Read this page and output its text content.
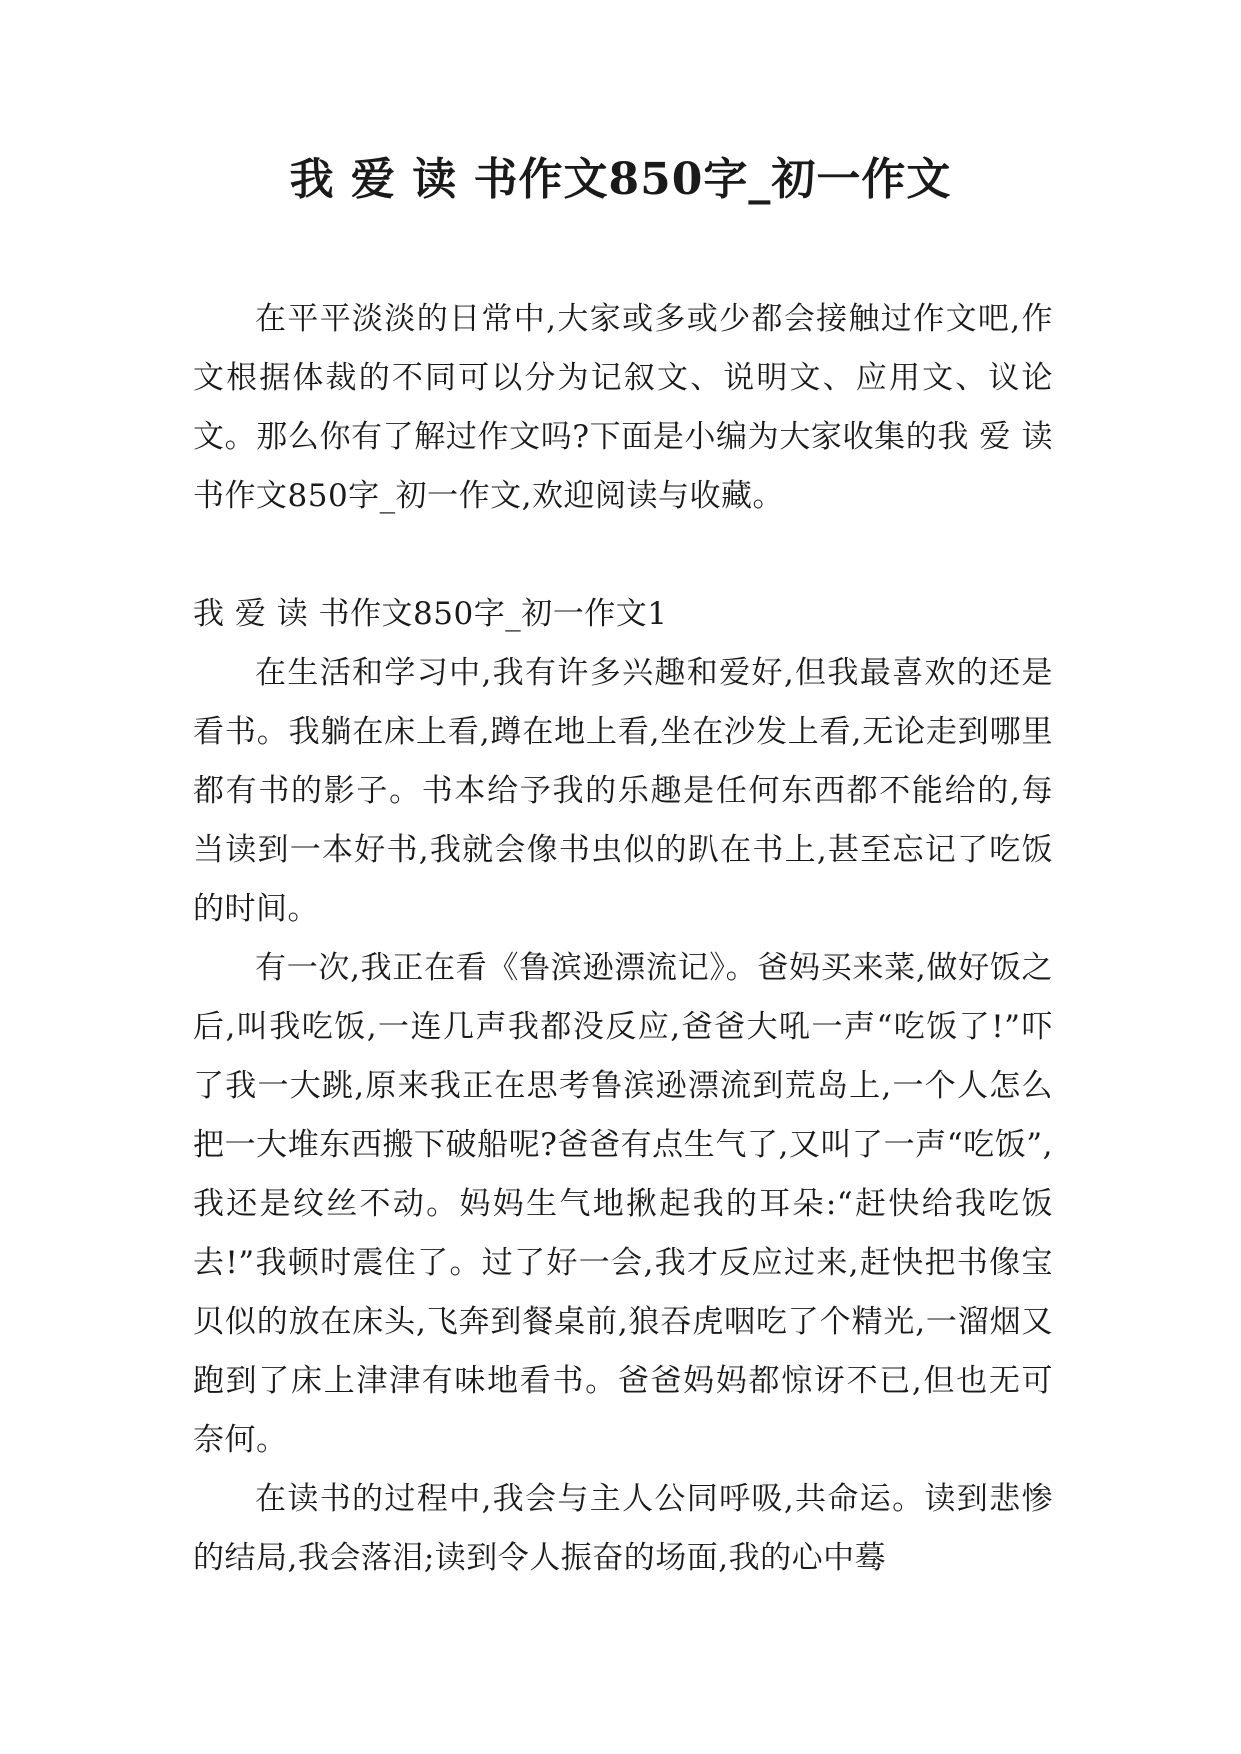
我 爱 读 书作文850字_初一作文

在平平淡淡的日常中,大家或多或少都会接触过作文吧,作文根据体裁的不同可以分为记叙文、说明文、应用文、议论文。那么你有了解过作文吗?下面是小编为大家收集的我 爱 读 书作文850字_初一作文,欢迎阅读与收藏。

我 爱 读 书作文850字_初一作文1

在生活和学习中,我有许多兴趣和爱好,但我最喜欢的还是看书。我躺在床上看,蹲在地上看,坐在沙发上看,无论走到哪里都有书的影子。书本给予我的乐趣是任何东西都不能给的,每当读到一本好书,我就会像书虫似的趴在书上,甚至忘记了吃饭的时间。

有一次,我正在看《鲁滨逊漂流记》。爸妈买来菜,做好饭之后,叫我吃饭,一连几声我都没反应,爸爸大吼一声“吃饭了!”吓了我一大跳,原来我正在思考鲁滨逊漂流到荒岛上,一个人怎么把一大堆东西搬下破船呢?爸爸有点生气了,又叫了一声“吃饭”,我还是纹丝不动。妈妈生气地揪起我的耳朵:“赶快给我吃饭去!”我顿时震住了。过了好一会,我才反应过来,赶快把书像宝贝似的放在床头,飞奔到餐桌前,狼吞虎咽吃了个精光,一溜烟又跑到了床上津津有味地看书。爸爸妈妈都惊讶不已,但也无可奈何。

在读书的过程中,我会与主人公同呼吸,共命运。读到悲惨的结局,我会落泪;读到令人振奋的场面,我的心中蓦
